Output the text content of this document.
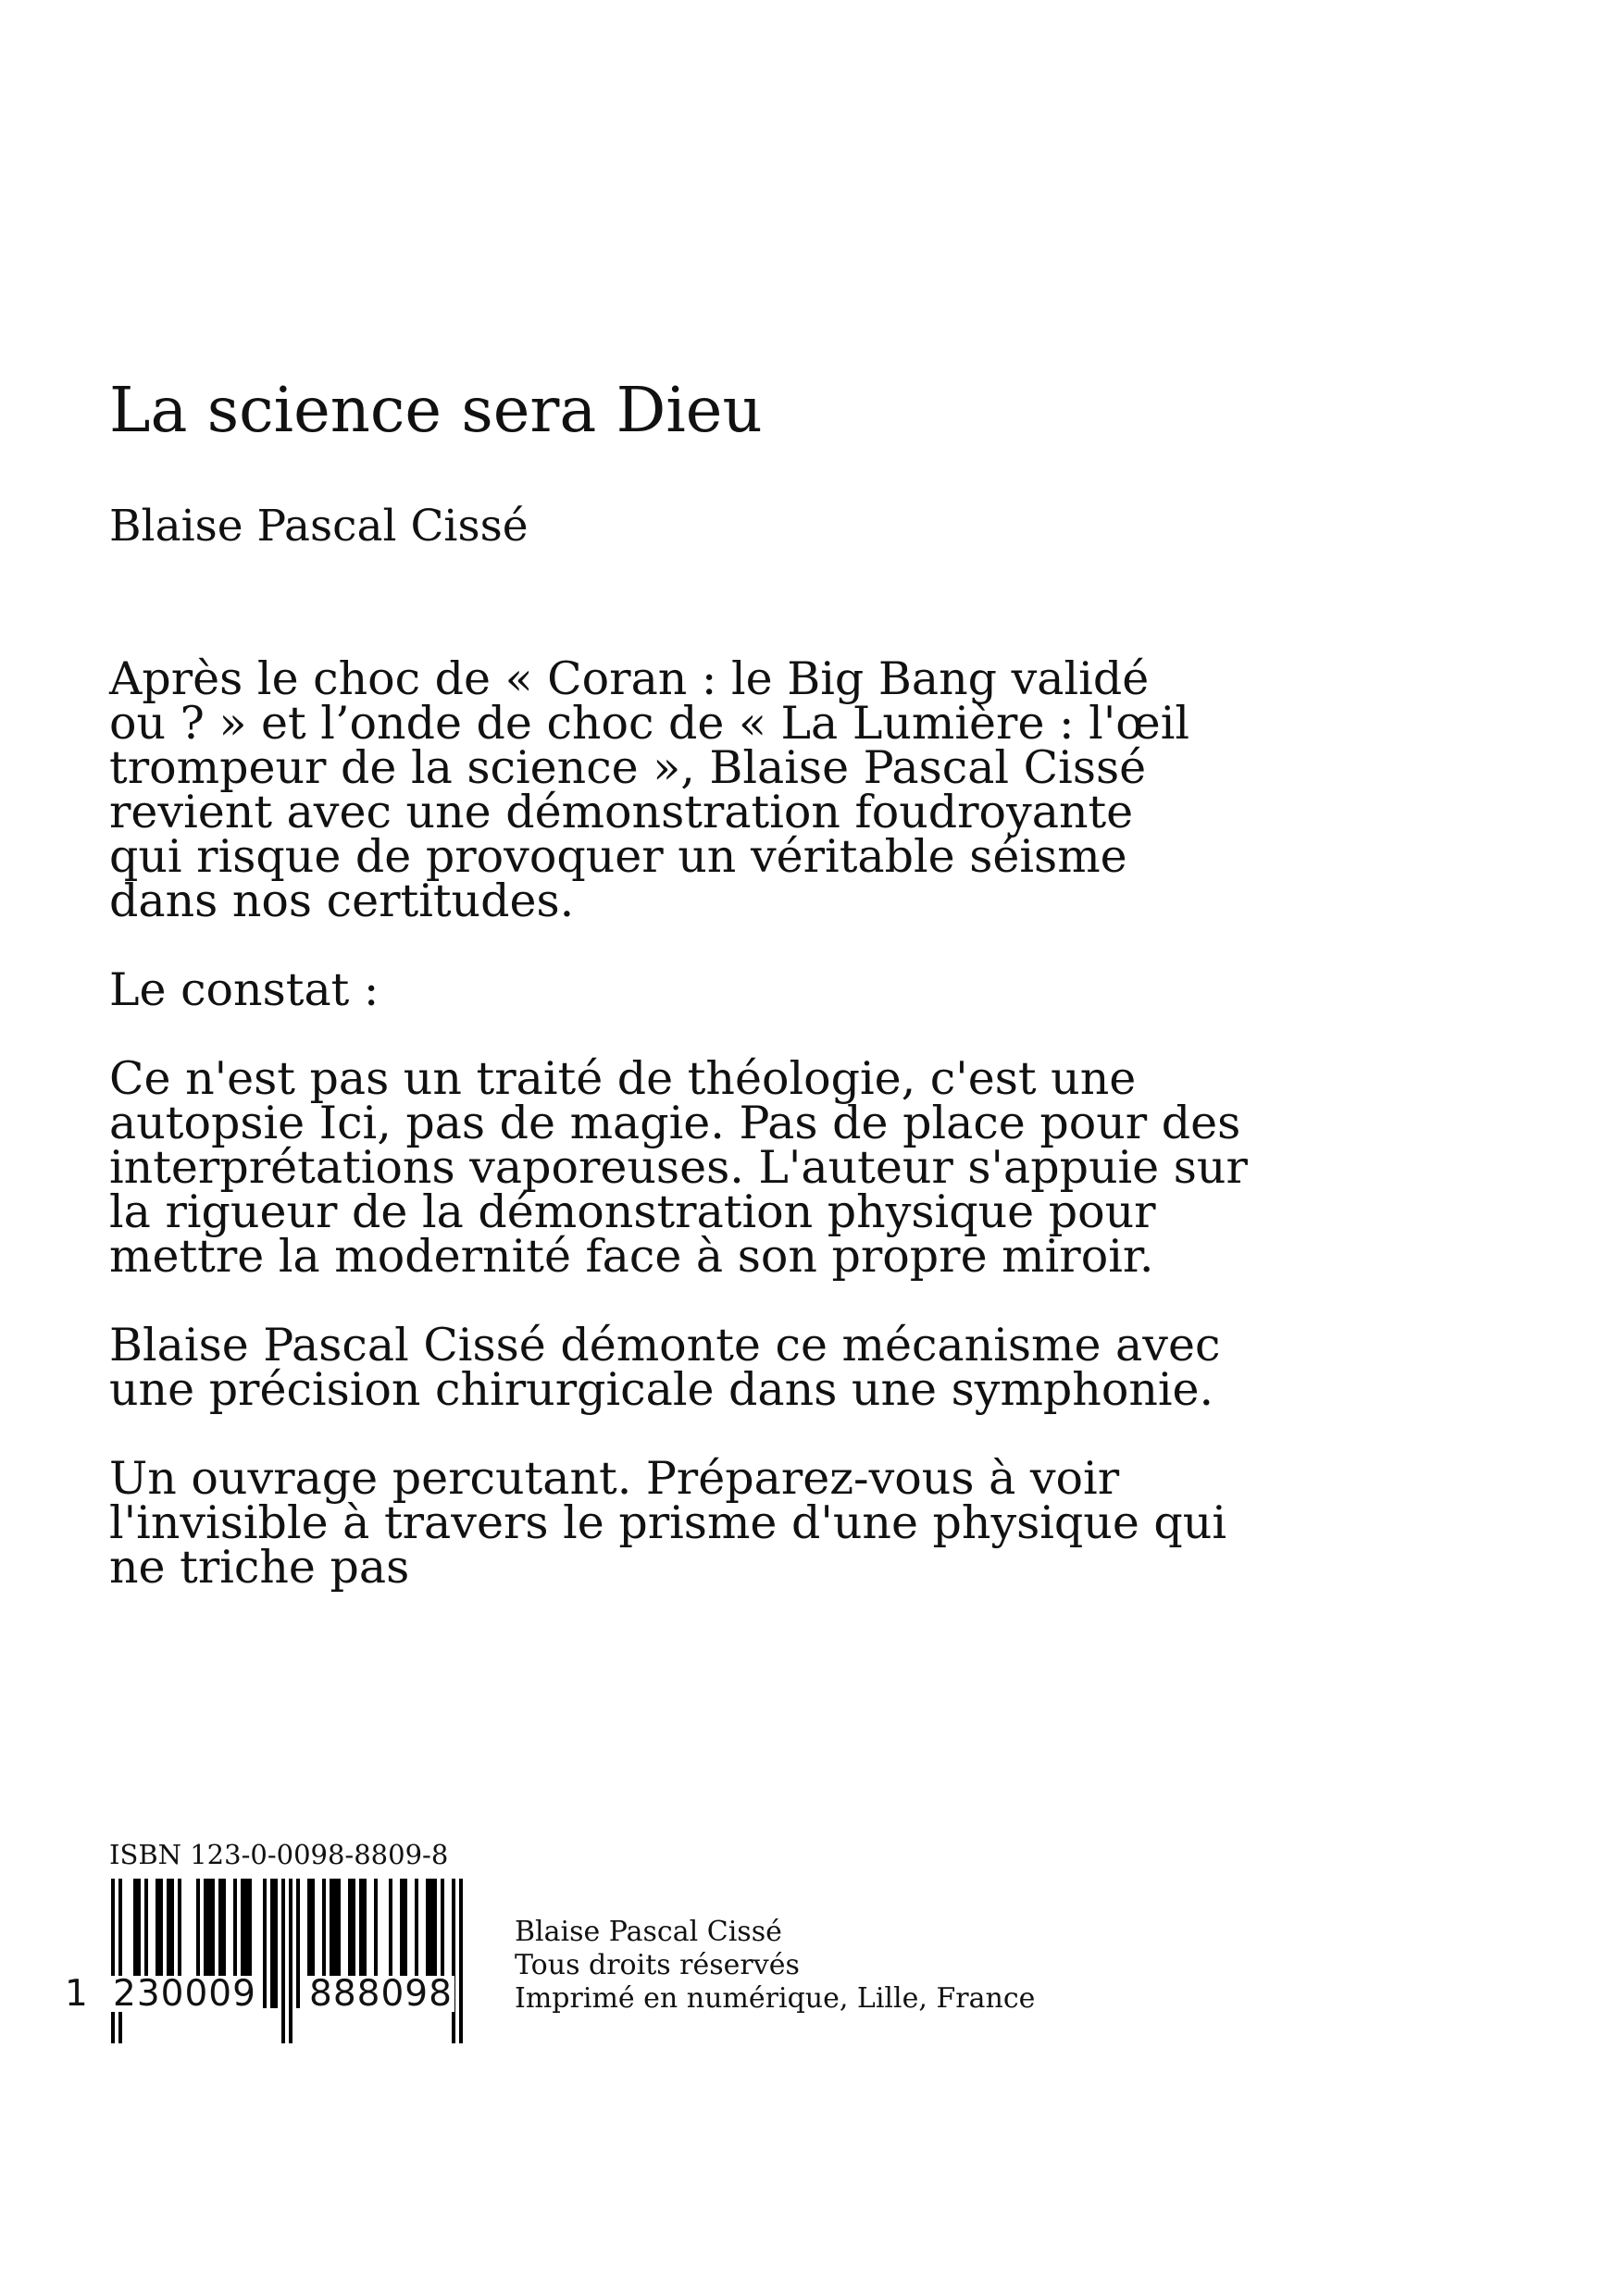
La science sera Dieu
Blaise Pascal Cissé

Après le choc de « Coran : le Big Bang validé
ou ? » et l’onde de choc de « La Lumière : l'œil
trompeur de la science », Blaise Pascal Cissé
revient avec une démonstration foudroyante
qui risque de provoquer un véritable séisme
dans nos certitudes.

Le constat :

Ce n'est pas un traité de théologie, c'est une
autopsie Ici, pas de magie. Pas de place pour des
interprétations vaporeuses. L'auteur s'appuie sur
la rigueur de la démonstration physique pour
mettre la modernité face à son propre miroir.

Blaise Pascal Cissé démonte ce mécanisme avec
une précision chirurgicale dans une symphonie.

Un ouvrage percutant. Préparez-vous à voir
l'invisible à travers le prisme d'une physique qui
ne triche pas

ISBN 123-0-0098-8809-8
1 230009 888098
Blaise Pascal Cissé
Tous droits réservés
Imprimé en numérique, Lille, France
